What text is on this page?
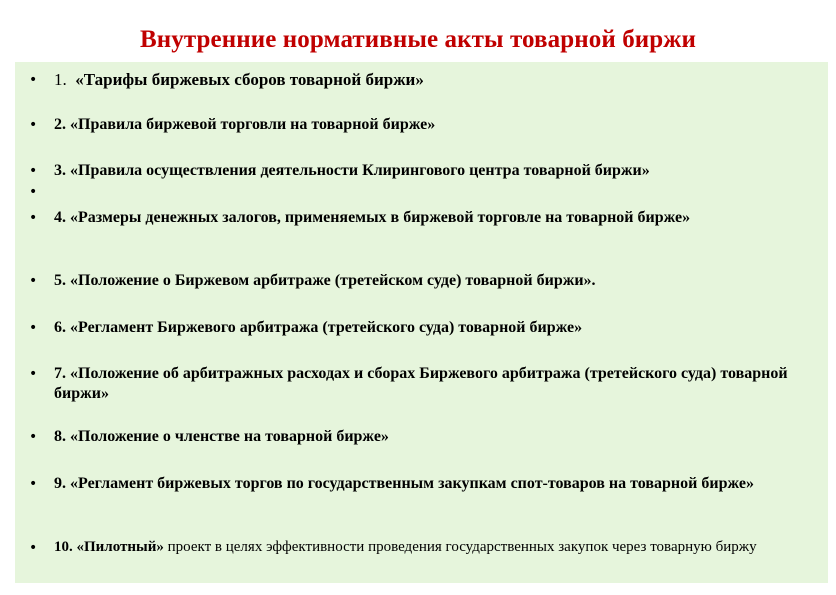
Внутренние нормативные акты товарной биржи
• 1. «Тарифы биржевых сборов товарной биржи»
• 2. «Правила биржевой торговли на товарной бирже»
• 3. «Правила осуществления деятельности Клирингового центра товарной биржи»
•
• 4. «Размеры денежных залогов, применяемых в биржевой торговле на товарной бирже»
• 5. «Положение о Биржевом арбитраже (третейском суде) товарной биржи».
• 6. «Регламент Биржевого арбитража (третейского суда) товарной бирже»
• 7. «Положение об арбитражных расходах и сборах Биржевого арбитража (третейского суда) товарной биржи»
• 8. «Положение о членстве на товарной бирже»
• 9. «Регламент биржевых торгов по государственным закупкам спот-товаров на товарной бирже»
• 10. «Пилотный» проект в целях эффективности проведения государственных закупок через товарную биржу
